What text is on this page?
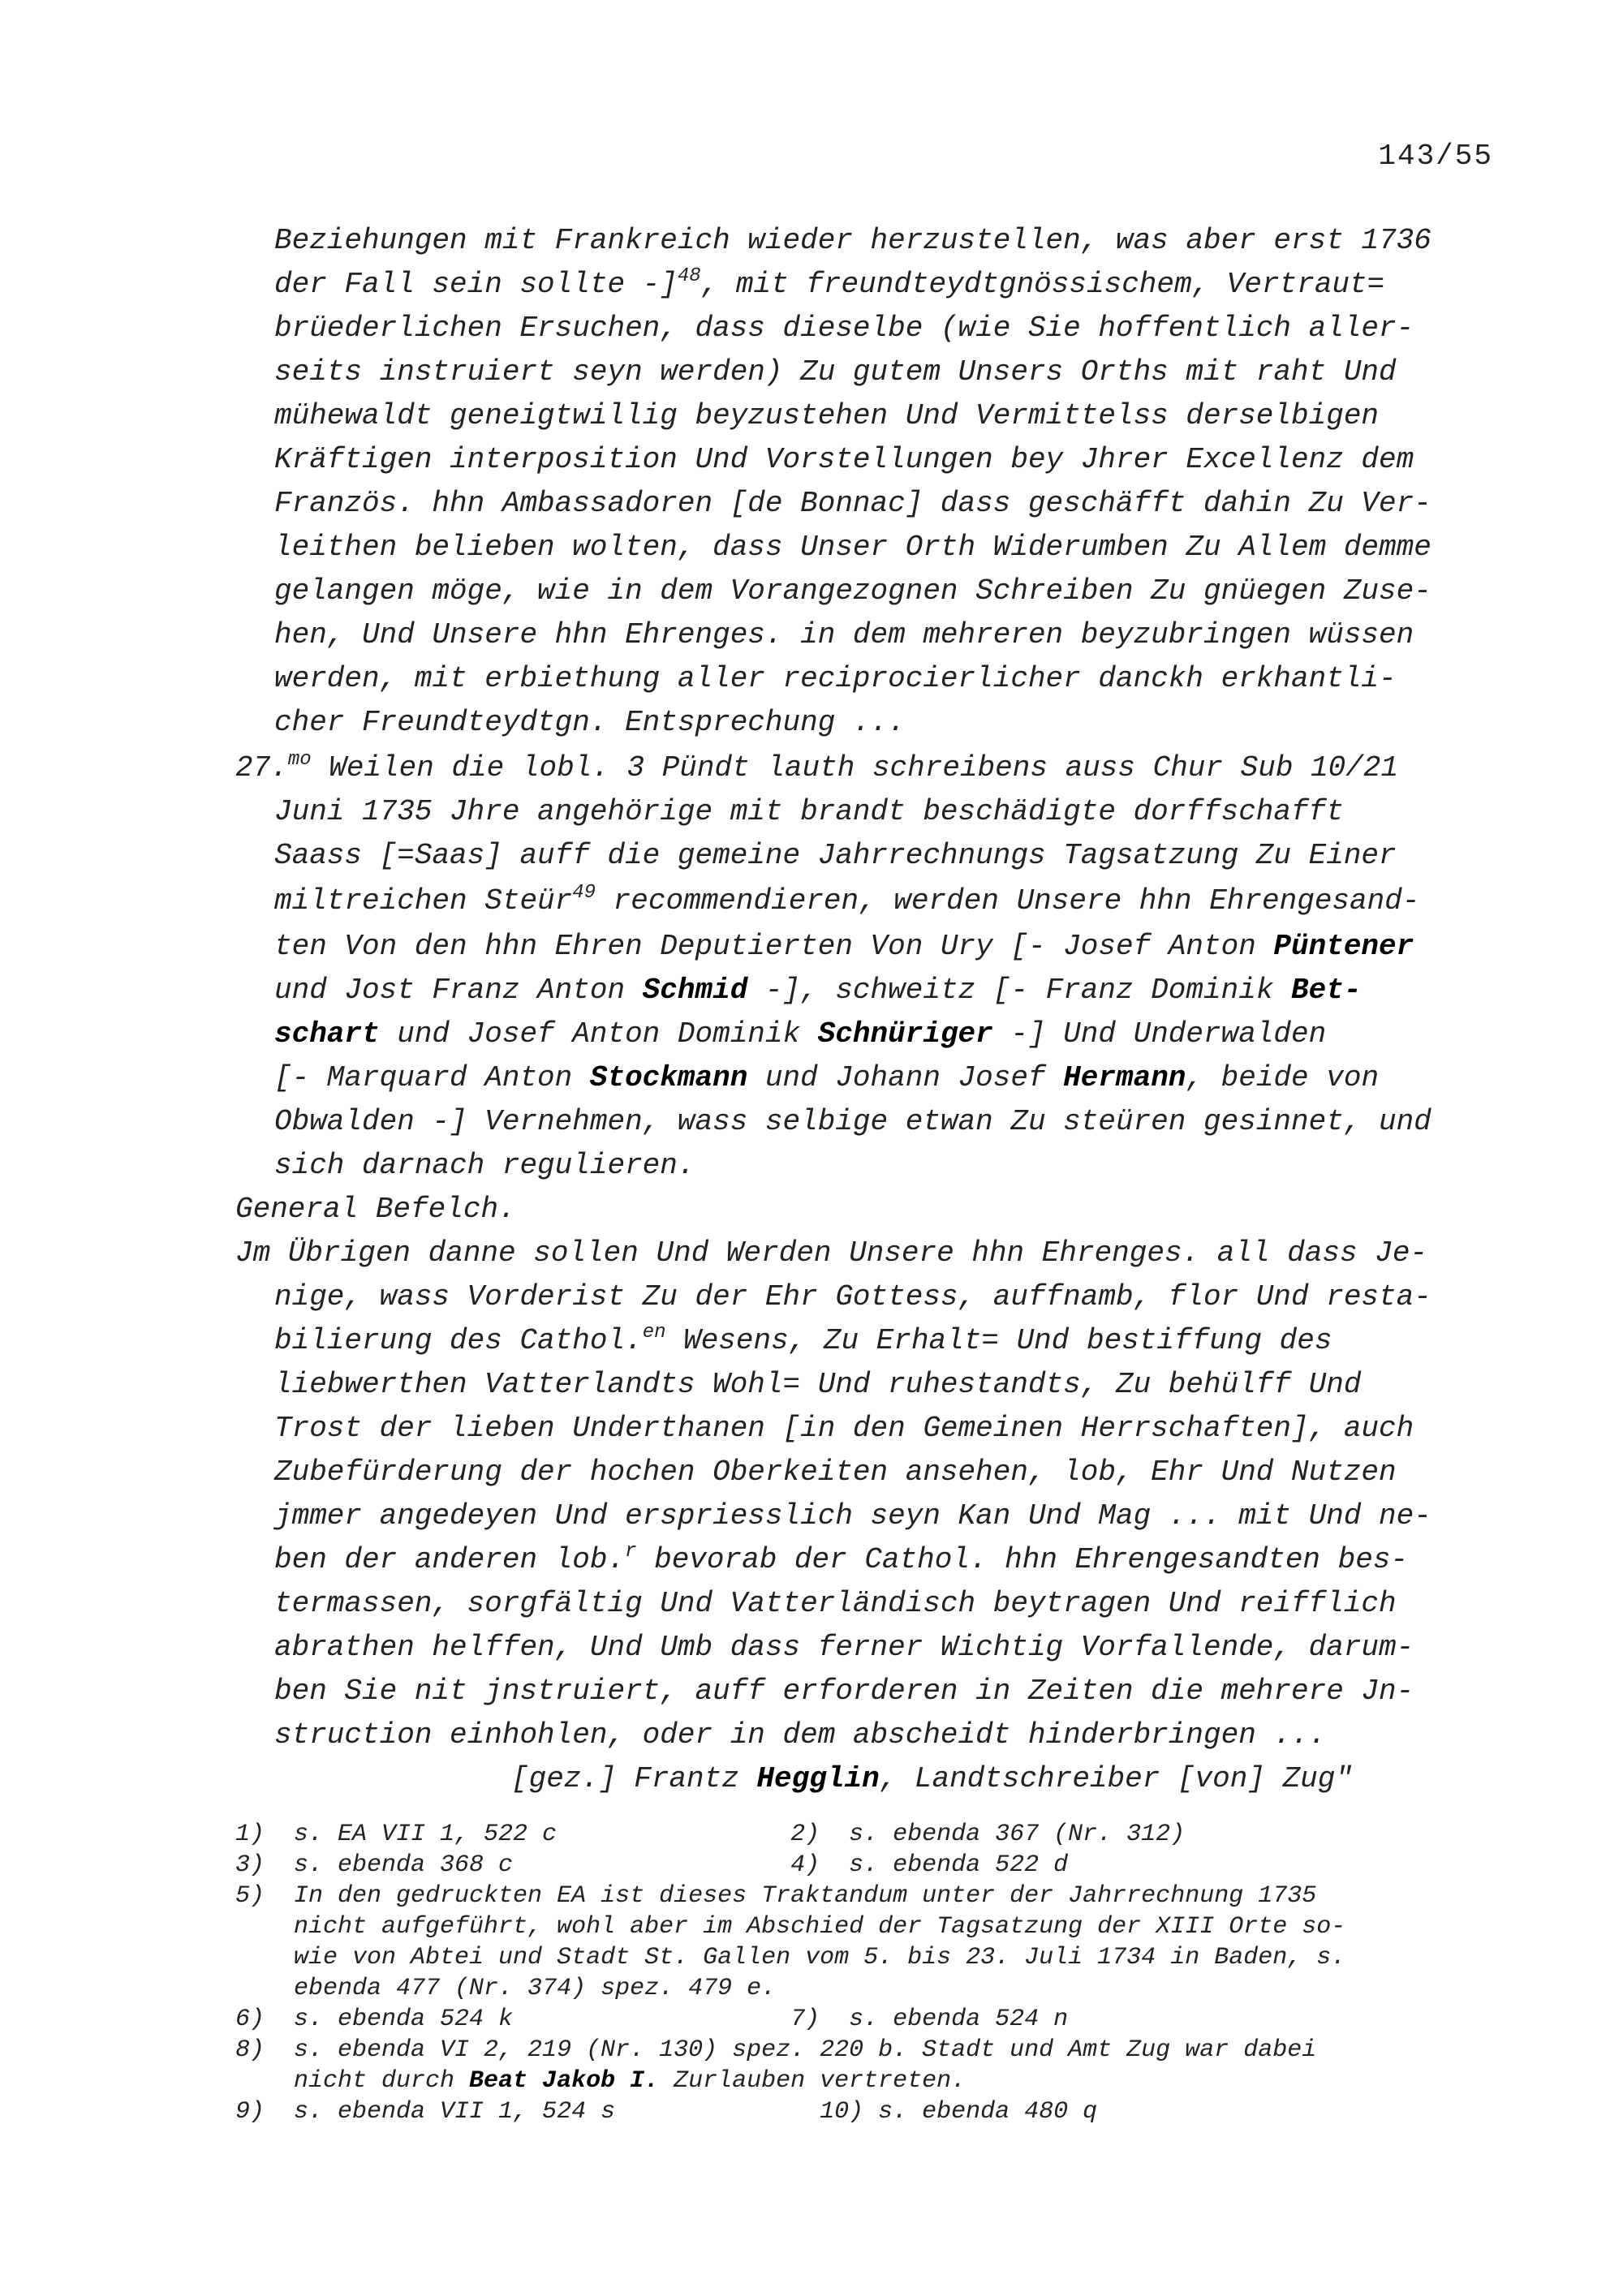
143/55
Beziehungen mit Frankreich wieder herzustellen, was aber erst 1736
der Fall sein sollte -]$^{48}$, mit freundteydtgnössischem, Vertraut=
brüederlichen Ersuchen, dass dieselbe (wie Sie hoffentlich aller-
seits instruiert seyn werden) Zu gutem Unsers Orths mit raht Und
mühewaldt geneigtwillig beyzustehen Und Vermittelss derselbigen
Kräftigen interposition Und Vorstellungen bey Jhrer Excellenz dem
Französ. hhn Ambassadoren [de Bonnac] dass geschäfft dahin Zu Ver-
leithen belieben wolten, dass Unser Orth Widerumben Zu Allem demme
gelangen möge, wie in dem Vorangezognen Schreiben Zu gnüegen Zuse-
hen, Und Unsere hhn Ehrenges. in dem mehreren beyzubringen wüssen
werden, mit erbiethung aller reciprocierlicher danckh erkhantli-
cher Freundteydtgn. Entsprechung ...
27.$^{mo}$ Weilen die lobl. 3 Pündt lauth schreibens auss Chur Sub 10/21
Juni 1735 Jhre angehörige mit brandt beschädigte dorffschafft
Saass [=Saas] auff die gemeine Jahrrechnungs Tagsatzung Zu Einer
miltreichen Steür$^{49}$ recommendieren, werden Unsere hhn Ehrengesand-
ten Von den hhn Ehren Deputierten Von Ury [- Josef Anton Püntener
und Jost Franz Anton Schmid -], schweitz [- Franz Dominik Bet-
schart und Josef Anton Dominik Schnüriger -] Und Underwalden
[- Marquard Anton Stockmann und Johann Josef Hermann, beide von
Obwalden -] Vernehmen, wass selbige etwan Zu steüren gesinnet, und
sich darnach regulieren.
General Befelch.
Jm Übrigen danne sollen Und Werden Unsere hhn Ehrenges. all dass Je-
nige, wass Vorderist Zu der Ehr Gottess, auffnamb, flor Und resta-
bilierung des Cathol.$^{en}$ Wesens, Zu Erhalt= Und bestiffung des
liebwerthen Vatterlandts Wohl= Und ruhestandts, Zu behülff Und
Trost der lieben Underthanen [in den Gemeinen Herrschaften], auch
Zubefürderung der hochen Oberkeiten ansehen, lob, Ehr Und Nutzen
jmmer angedeyen Und erspriesslich seyn Kan Und Mag ... mit Und ne-
ben der anderen lob.$^r$ bevorab der Cathol. hhn Ehrengesandten bes-
termassen, sorgfältig Und Vatterländisch beytragen Und reifflich
abrathen helffen, Und Umb dass ferner Wichtig Vorfallende, darum-
ben Sie nit jnstruiert, auff erforderen in Zeiten die mehrere Jn-
struction einhohlen, oder in dem abscheidt hinderbringen ...
[gez.] Frantz Hegglin, Landtschreiber [von] Zug"
1)  s. EA VII 1, 522 c                2)  s. ebenda 367 (Nr. 312)
3)  s. ebenda 368 c                   4)  s. ebenda 522 d
5)  In den gedruckten EA ist dieses Traktandum unter der Jahrrechnung 1735
nicht aufgeführt, wohl aber im Abschied der Tagsatzung der XIII Orte so-
wie von Abtei und Stadt St. Gallen vom 5. bis 23. Juli 1734 in Baden, s.
ebenda 477 (Nr. 374) spez. 479 e.
6)  s. ebenda 524 k                   7)  s. ebenda 524 n
8)  s. ebenda VI 2, 219 (Nr. 130) spez. 220 b. Stadt und Amt Zug war dabei
nicht durch Beat Jakob I. Zurlauben vertreten.
9)  s. ebenda VII 1, 524 s              10) s. ebenda 480 q
